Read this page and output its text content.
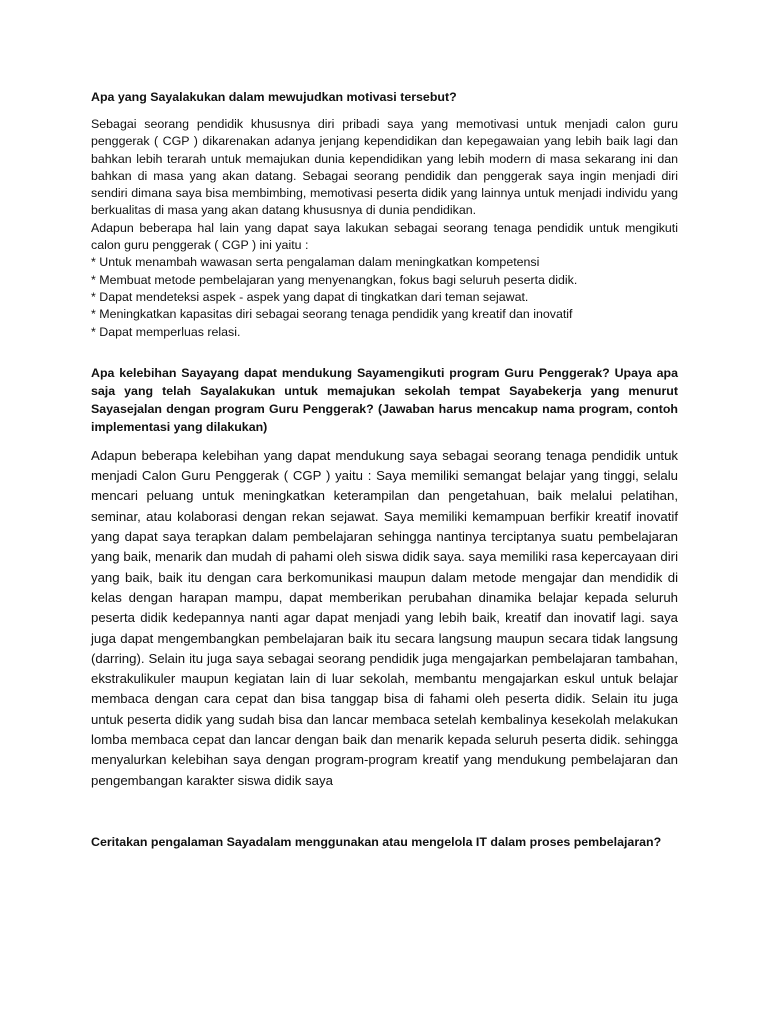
Apa yang Sayalakukan dalam mewujudkan motivasi tersebut?

Sebagai seorang pendidik khususnya diri pribadi saya yang memotivasi untuk menjadi calon guru penggerak ( CGP ) dikarenakan adanya jenjang kependidikan dan kepegawaian yang lebih baik lagi dan bahkan lebih terarah untuk memajukan dunia kependidikan yang lebih modern di masa sekarang ini dan bahkan di masa yang akan datang. Sebagai seorang pendidik dan penggerak saya ingin menjadi diri sendiri dimana saya bisa membimbing, memotivasi peserta didik yang lainnya untuk menjadi individu yang berkualitas di masa yang akan datang khususnya di dunia pendidikan.

Adapun beberapa hal lain yang dapat saya lakukan sebagai seorang tenaga pendidik untuk mengikuti calon guru penggerak ( CGP ) ini yaitu :

* Untuk menambah wawasan serta pengalaman dalam meningkatkan kompetensi
* Membuat metode pembelajaran yang menyenangkan, fokus bagi seluruh peserta didik.
* Dapat mendeteksi aspek - aspek yang dapat di tingkatkan dari teman sejawat.
* Meningkatkan kapasitas diri sebagai seorang tenaga pendidik yang kreatif dan inovatif
* Dapat memperluas relasi.

Apa kelebihan Sayayang dapat mendukung Sayamengikuti program Guru Penggerak? Upaya apa saja yang telah Sayalakukan untuk memajukan sekolah tempat Sayabekerja yang menurut Sayasejalan dengan program Guru Penggerak? (Jawaban harus mencakup nama program, contoh implementasi yang dilakukan)

Adapun beberapa kelebihan yang dapat mendukung saya sebagai seorang tenaga pendidik untuk menjadi Calon Guru Penggerak ( CGP ) yaitu : Saya memiliki semangat belajar yang tinggi, selalu mencari peluang untuk meningkatkan keterampilan dan pengetahuan, baik melalui pelatihan, seminar, atau kolaborasi dengan rekan sejawat. Saya memiliki kemampuan berfikir kreatif inovatif yang dapat saya terapkan dalam pembelajaran sehingga nantinya terciptanya suatu pembelajaran yang baik, menarik dan mudah di pahami oleh siswa didik saya. saya memiliki rasa kepercayaan diri yang baik, baik itu dengan cara berkomunikasi maupun dalam metode mengajar dan mendidik di kelas dengan harapan mampu, dapat memberikan perubahan dinamika belajar kepada seluruh peserta didik kedepannya nanti agar dapat menjadi yang lebih baik, kreatif dan inovatif lagi. saya juga dapat mengembangkan pembelajaran baik itu secara langsung maupun secara tidak langsung (darring). Selain itu juga saya sebagai seorang pendidik juga mengajarkan pembelajaran tambahan, ekstrakulikuler maupun kegiatan lain di luar sekolah, membantu mengajarkan eskul untuk belajar membaca dengan cara cepat dan bisa tanggap bisa di fahami oleh peserta didik. Selain itu juga untuk peserta didik yang sudah bisa dan lancar membaca setelah kembalinya kesekolah melakukan lomba membaca cepat dan lancar dengan baik dan menarik kepada seluruh peserta didik. sehingga menyalurkan kelebihan saya dengan program-program kreatif yang mendukung pembelajaran dan pengembangan karakter siswa didik saya

Ceritakan pengalaman Sayadalam menggunakan atau mengelola IT dalam proses pembelajaran?
